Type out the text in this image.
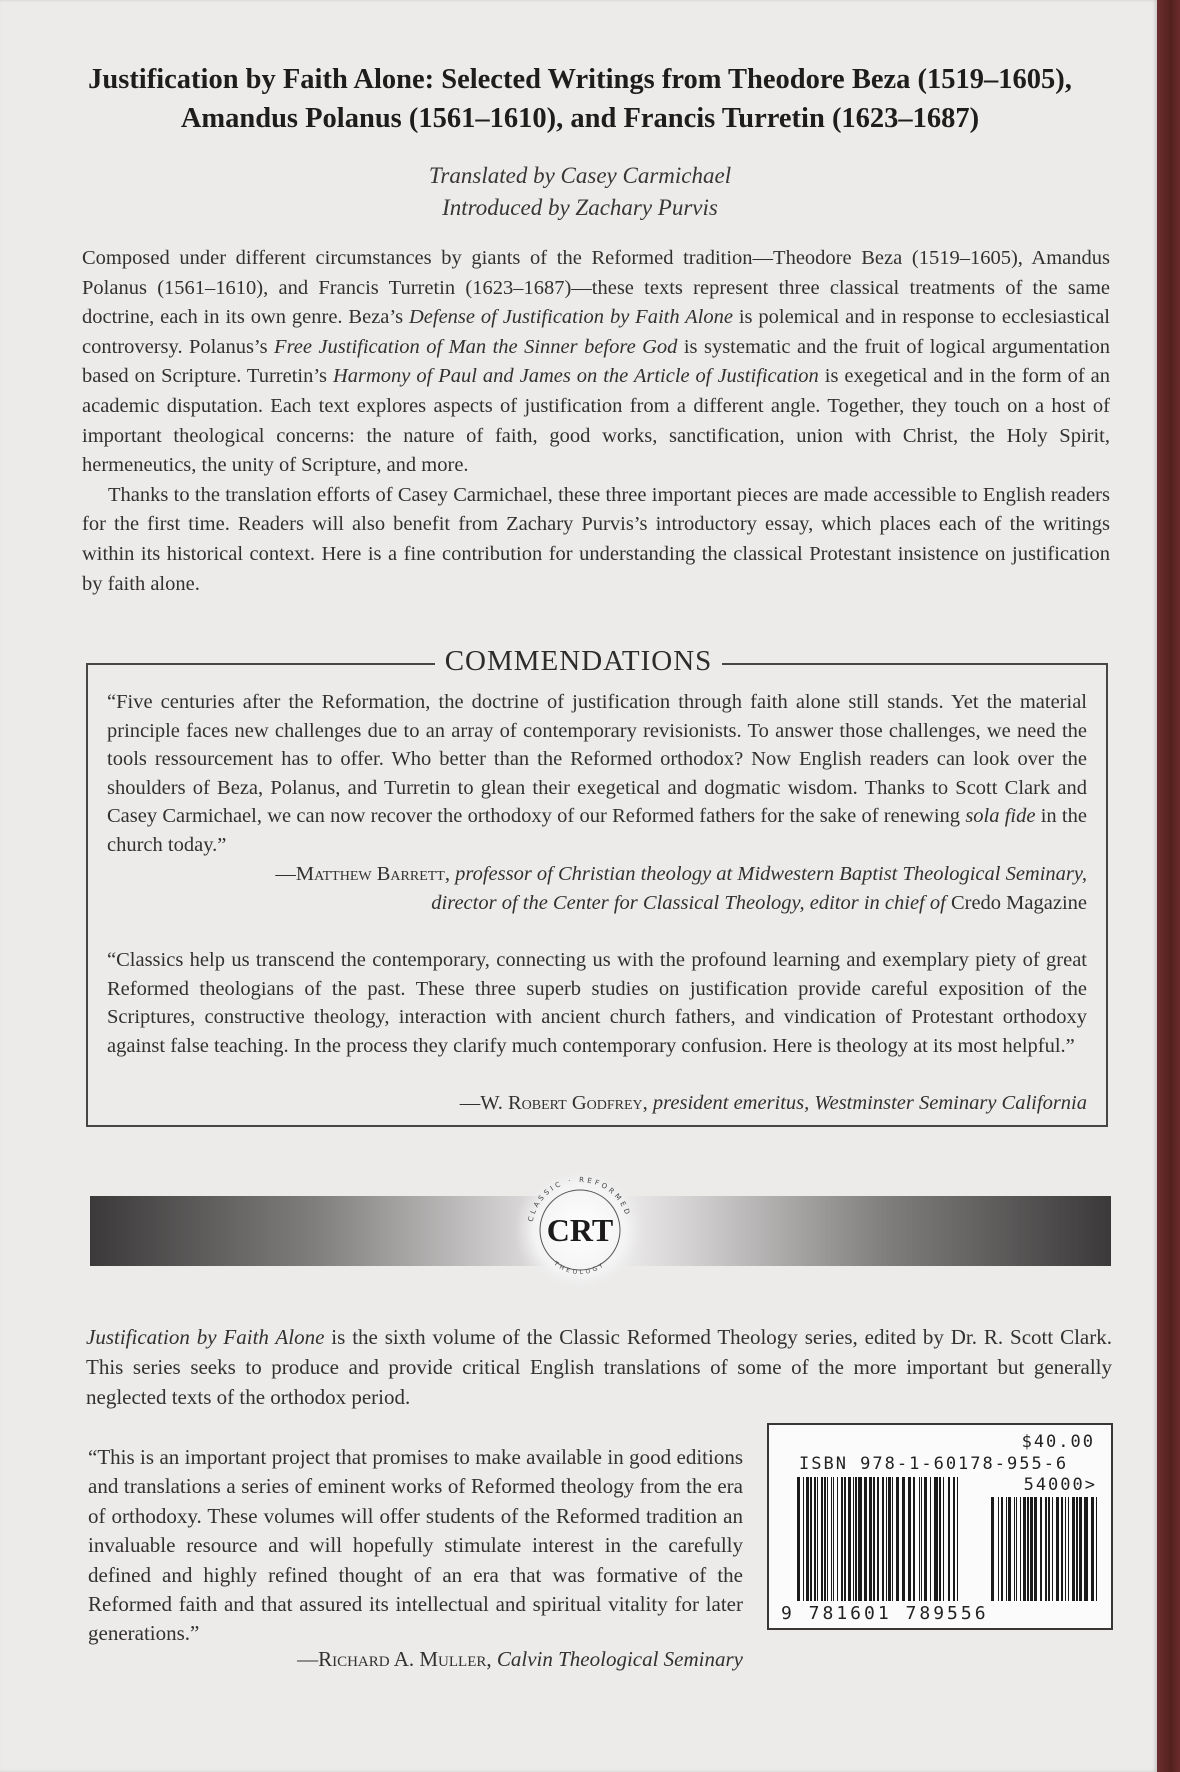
Justification by Faith Alone: Selected Writings from Theodore Beza (1519–1605),
Amandus Polanus (1561–1610), and Francis Turretin (1623–1687)
Translated by Casey Carmichael
Introduced by Zachary Purvis

Composed under different circumstances by giants of the Reformed tradition—Theodore Beza (1519–1605), Amandus Polanus (1561–1610), and Francis Turretin (1623–1687)—these texts represent three classical treatments of the same doctrine, each in its own genre. Beza’s Defense of Justification by Faith Alone is polemical and in response to ecclesiastical controversy. Polanus’s Free Justification of Man the Sinner before God is systematic and the fruit of logical argumentation based on Scripture. Turretin’s Harmony of Paul and James on the Article of Justification is exegetical and in the form of an academic disputation. Each text explores aspects of justification from a different angle. Together, they touch on a host of important theological concerns: the nature of faith, good works, sanctification, union with Christ, the Holy Spirit, hermeneutics, the unity of Scripture, and more.

Thanks to the translation efforts of Casey Carmichael, these three important pieces are made accessible to English readers for the first time. Readers will also benefit from Zachary Purvis’s introductory essay, which places each of the writings within its historical context. Here is a fine contribution for understanding the classical Protestant insistence on justification by faith alone.

COMMENDATIONS
“Five centuries after the Reformation, the doctrine of justification through faith alone still stands. Yet the material principle faces new challenges due to an array of contemporary revisionists. To answer those challenges, we need the tools ressourcement has to offer. Who better than the Reformed orthodox? Now English readers can look over the shoulders of Beza, Polanus, and Turretin to glean their exegetical and dogmatic wisdom. Thanks to Scott Clark and Casey Carmichael, we can now recover the orthodoxy of our Reformed fathers for the sake of renewing sola fide in the church today.”
—Matthew Barrett, professor of Christian theology at Midwestern Baptist Theological Seminary,
director of the Center for Classical Theology, editor in chief of Credo Magazine
“Classics help us transcend the contemporary, connecting us with the profound learning and exemplary piety of great Reformed theologians of the past. These three superb studies on justification provide careful exposition of the Scriptures, constructive theology, interaction with ancient church fathers, and vindication of Protestant orthodoxy against false teaching. In the process they clarify much contemporary confusion. Here is theology at its most helpful.”
—W. Robert Godfrey, president emeritus, Westminster Seminary California
CLASSIC · REFORMED
THEOLOGY
CRT
Justification by Faith Alone is the sixth volume of the Classic Reformed Theology series, edited by Dr. R. Scott Clark. This series seeks to produce and provide critical English translations of some of the more important but generally neglected texts of the orthodox period.
“This is an important project that promises to make available in good editions and translations a series of eminent works of Reformed theology from the era of orthodoxy. These volumes will offer students of the Reformed tradition an invaluable resource and will hopefully stimulate interest in the carefully defined and highly refined thought of an era that was formative of the Reformed faith and that assured its intellectual and spiritual vitality for later generations.”
—Richard A. Muller, Calvin Theological Seminary
$40.00
ISBN 978-1-60178-955-6
54000>
9 781601 789556
